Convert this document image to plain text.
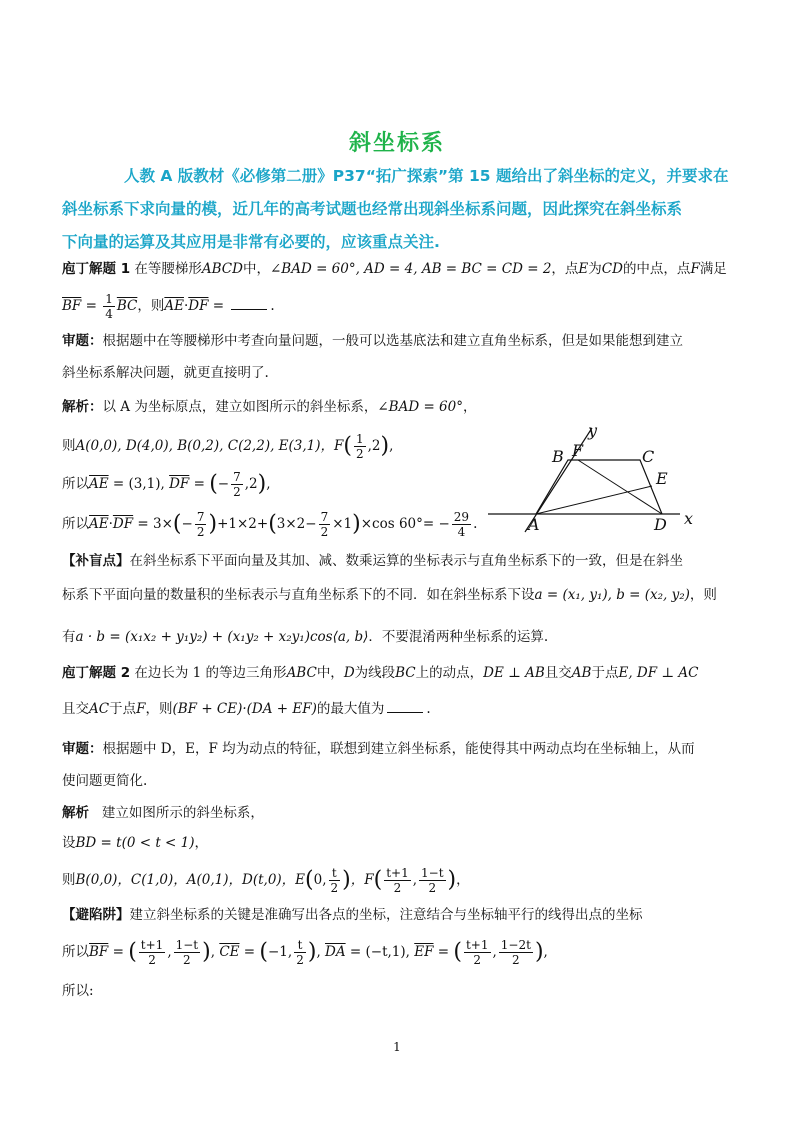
斜坐标系
人教 A 版教材《必修第二册》P37“拓广探索”第 15 题给出了斜坐标的定义，并要求在
斜坐标系下求向量的模，近几年的高考试题也经常出现斜坐标系问题，因此探究在斜坐标系
下向量的运算及其应用是非常有必要的，应该重点关注.
庖丁解题 1 在等腰梯形ABCD中，∠BAD = 60°, AD = 4, AB = BC = CD = 2，点E为CD的中点，点F满足
$\overline{BF} = \frac{1}{4} \overline{BC}$，则$\overline{AE}\cdot\overline{DF}$ =	.
审题：根据题中在等腰梯形中考查向量问题，一般可以选基底法和建立直角坐标系，但是如果能想到建立
斜坐标系解决问题，就更直接明了.
解析：以 A 为坐标原点，建立如图所示的斜坐标系，∠BAD = 60°，
则A(0,0), D(4,0), B(0,2), C(2,2), E(3,1)，$F( \frac{1}{2} ,2)$,
所以$\overline{AE} = (3,1)$, $\overline{DF}$ = (− $\frac{7}{2} ,2$),
所以$\overline{AE}\cdot\overline{DF} = 3\times(- \frac{7}{2} )+1\times 2+(3\times 2- \frac{7}{2} \times 1)\times\cos$ $60^\circ= - \frac{29}{4}$ .
y
x
A
B F	C
E
D
【补盲点】在斜坐标系下平面向量及其加、减、数乘运算的坐标表示与直角坐标系下的一致，但是在斜坐
标系下平面向量的数量积的坐标表示与直角坐标系下的不同．如在斜坐标系下设a = (x₁, y₁), b = (x₂, y₂)，则
有a · b = (x₁x₂ + y₁y₂) + (x₁y₂ + x₂y₁)cos⟨a, b⟩．不要混淆两种坐标系的运算.
庖丁解题 2 在边长为 1 的等边三角形ABC中，D为线段BC上的动点，DE ⊥ AB且交AB于点E, DF ⊥ AC
且交AC于点F，则(BF + CE)·(DA + EF)的最大值为	.
审题：根据题中 D，E，F 均为动点的特征，联想到建立斜坐标系，能使得其中两动点均在坐标轴上，从而
使问题更简化.
解析 建立如图所示的斜坐标系，
设BD = t(0 < t < 1)，
则B(0,0)，C(1,0)，A(0,1)，D(t,0)，E(0, $\frac{t}{2}$ )，$F( \frac{t+1}{2}$ , $\frac{1-t}{2}$ )，
【避陷阱】建立斜坐标系的关键是准确写出各点的坐标，注意结合与坐标轴平行的线得出点的坐标
所以$\overline{BF}$ = ( $\frac{t+1}{2}$ , $\frac{1-t}{2}$ ), $\overline{CE} = (-1$, $\frac{t}{2}$ ), $\overline{DA} = (-t,1)$, $\overline{EF}$ = ( $\frac{t+1}{2}$ , $\frac{1-2t}{2}$ ),
所以:
1
